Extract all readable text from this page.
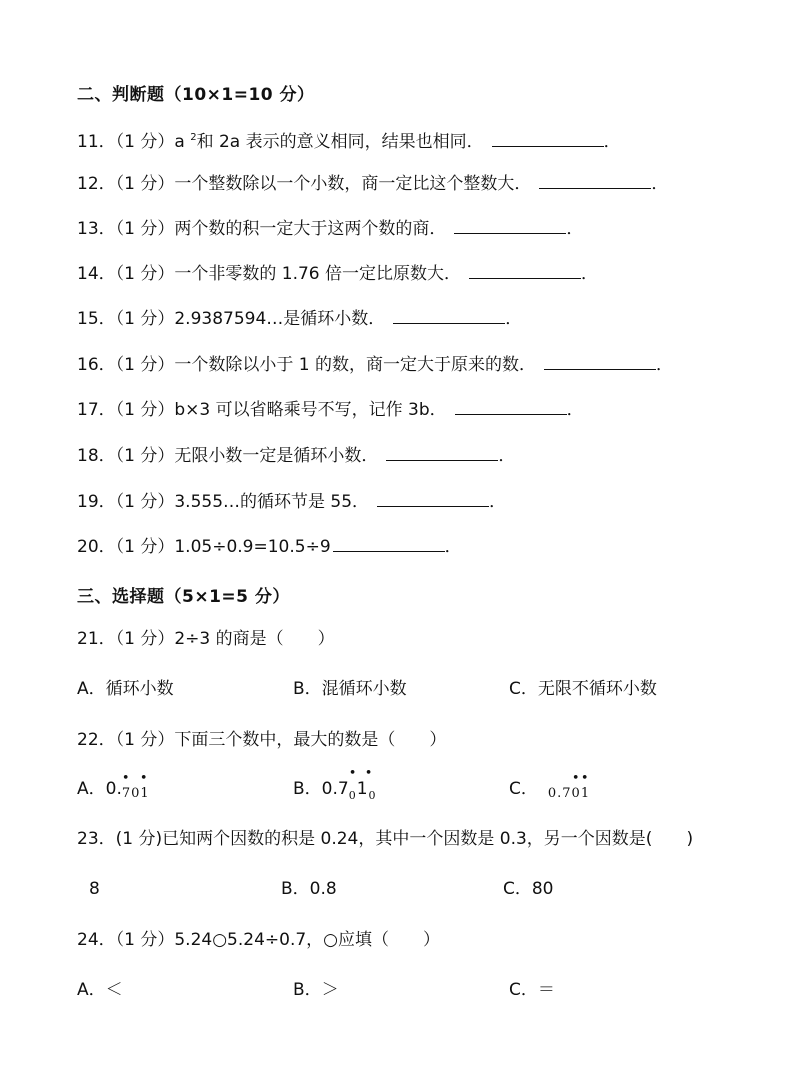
二、判断题（10×1=10 分）
11．（1 分）a $^2$和 2a 表示的意义相同，结果也相同．	．
12．（1 分）一个整数除以一个小数，商一定比这个整数大．	．
13．（1 分）两个数的积一定大于这两个数的商．	．
14．（1 分）一个非零数的 1.76 倍一定比原数大．	．
15．（1 分）2.9387594…是循环小数．	．
16．（1 分）一个数除以小于 1 的数，商一定大于原来的数．	．
17．（1 分）b×3 可以省略乘号不写，记作 3b．	．
18．（1 分）无限小数一定是循环小数．	．
19．（1 分）3.555…的循环节是 55．	．
20．（1 分）1.05÷0.9=10.5÷9	．
三、选择题（5×1=5 分）
21．（1 分）2÷3 的商是（　　）
A．循环小数	B．混循环小数	C．无限不循环小数
22．（1 分）下面三个数中，最大的数是（　　）
A．0.
• •
701	B．0.7
• •
$_01_0$	C．
• •
0.701
23．(1 分)已知两个因数的积是 0.24，其中一个因数是 0.3，另一个因数是(　　)
8	B．0.8	C．80
24．（1 分）5.24○5.24÷0.7，○应填（　　）
A．＜	B．＞	C．＝
